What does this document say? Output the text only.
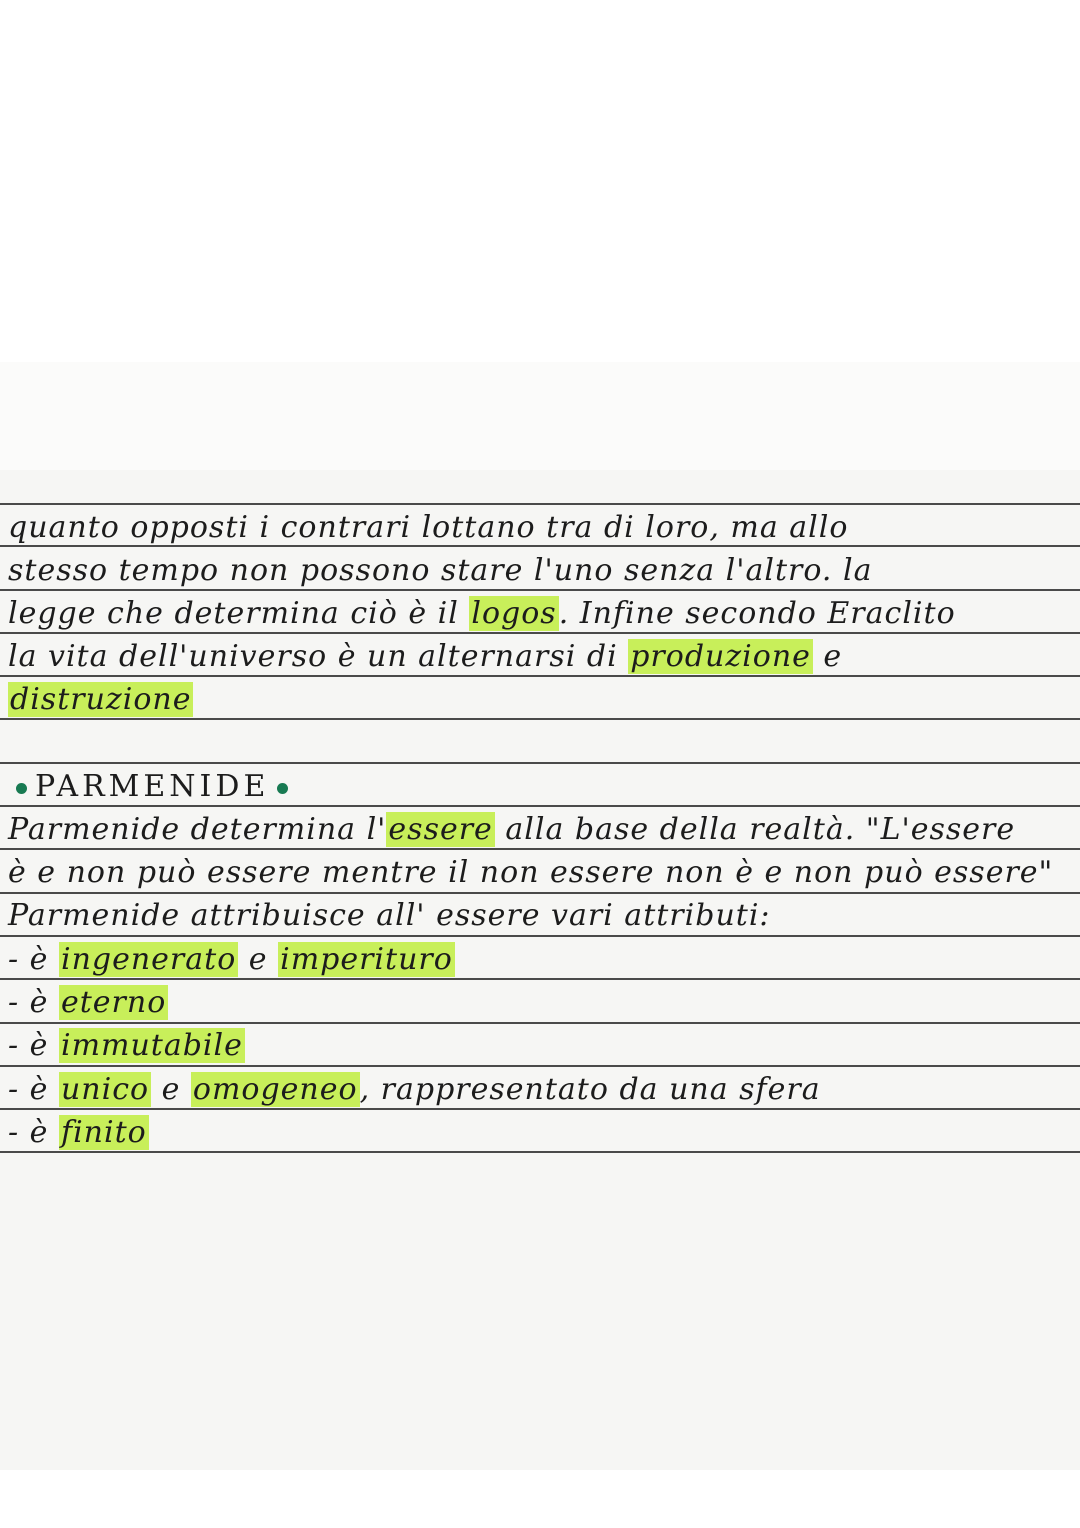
quanto opposti i contrari lottano tra di loro, ma allo
stesso tempo non possono stare l'uno senza l'altro. la
legge che determina ciò è il logos. Infine secondo Eraclito
la vita dell'universo è un alternarsi di produzione e
distruzione
PARMENIDE
Parmenide determina l'essere alla base della realtà. "L'essere
è e non può essere mentre il non essere non è e non può essere"
Parmenide attribuisce all' essere vari attributi:
- è ingenerato e imperituro
- è eterno
- è immutabile
- è unico e omogeneo, rappresentato da una sfera
- è finito
